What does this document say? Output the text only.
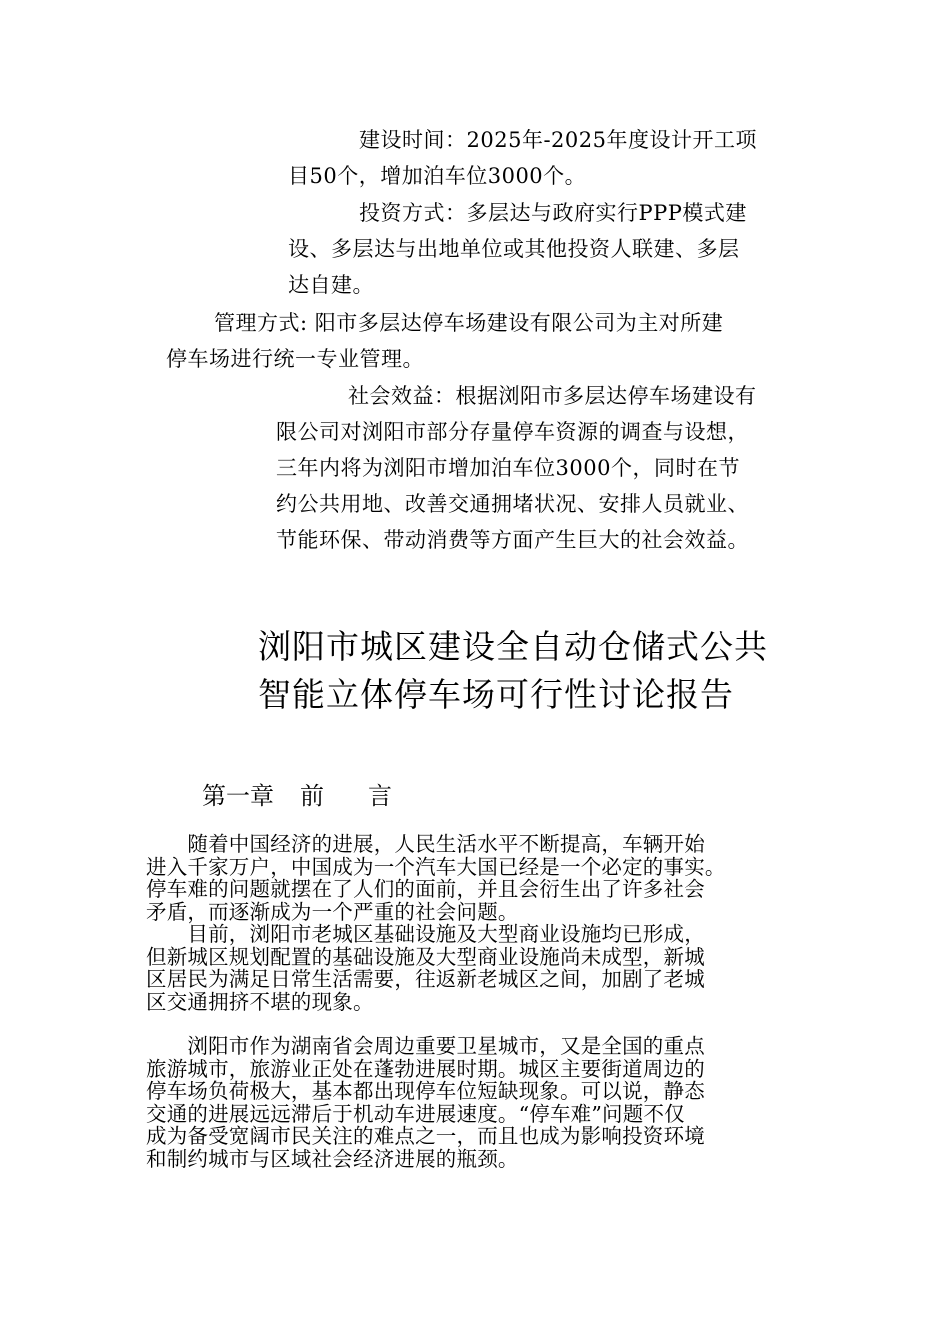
建设时间：2025年-2025年度设计开工项
目50个，增加泊车位3000个。
投资方式：多层达与政府实行PPP模式建
设、多层达与出地单位或其他投资人联建、多层
达自建。
管理方式: 阳市多层达停车场建设有限公司为主对所建
停车场进行统一专业管理。
社会效益：根据浏阳市多层达停车场建设有
限公司对浏阳市部分存量停车资源的调查与设想，
三年内将为浏阳市增加泊车位3000个，同时在节
约公共用地、改善交通拥堵状况、安排人员就业、
节能环保、带动消费等方面产生巨大的社会效益。
浏阳市城区建设全自动仓储式公共
智能立体停车场可行性讨论报告
第一章 前 言
　　随着中国经济的进展，人民生活水平不断提高，车辆开始
进入千家万户，中国成为一个汽车大国已经是一个必定的事实。
停车难的问题就摆在了人们的面前，并且会衍生出了许多社会
矛盾，而逐渐成为一个严重的社会问题。
　　目前，浏阳市老城区基础设施及大型商业设施均已形成，
但新城区规划配置的基础设施及大型商业设施尚未成型，新城
区居民为满足日常生活需要，往返新老城区之间，加剧了老城
区交通拥挤不堪的现象。
　　浏阳市作为湖南省会周边重要卫星城市，又是全国的重点
旅游城市，旅游业正处在蓬勃进展时期。城区主要街道周边的
停车场负荷极大，基本都出现停车位短缺现象。可以说，静态
交通的进展远远滞后于机动车进展速度。“停车难”问题不仅
成为备受宽阔市民关注的难点之一，而且也成为影响投资环境
和制约城市与区域社会经济进展的瓶颈。
